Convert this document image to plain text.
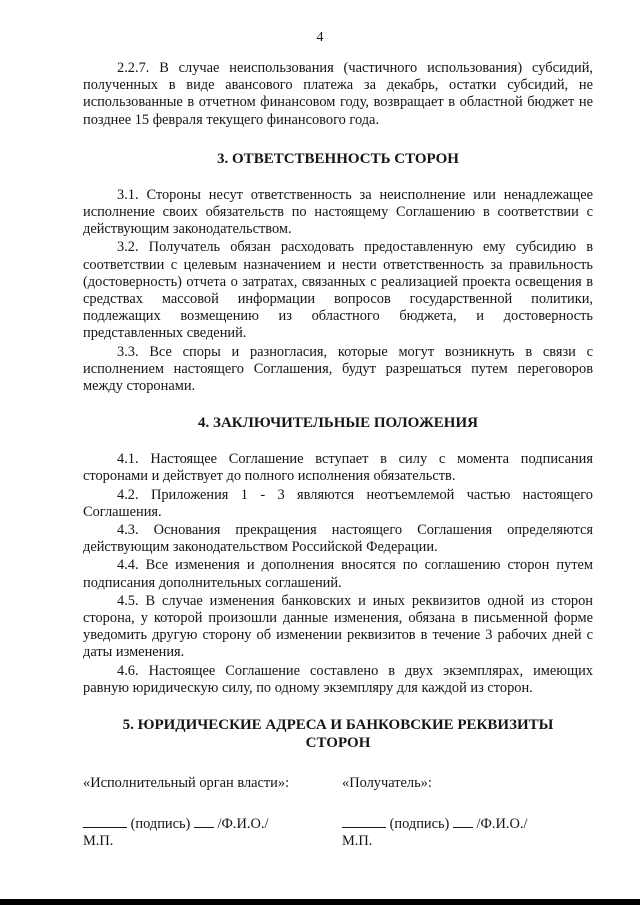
4

2.2.7. В случае неиспользования (частичного использования) субсидий, полученных в виде авансового платежа за декабрь, остатки субсидий, не использованные в отчетном финансовом году, возвращает в областной бюджет не позднее 15 февраля текущего финансового года.

3. ОТВЕТСТВЕННОСТЬ СТОРОН

3.1. Стороны несут ответственность за неисполнение или ненадлежащее исполнение своих обязательств по настоящему Соглашению в соответствии с действующим законодательством.

3.2. Получатель обязан расходовать предоставленную ему субсидию в соответствии с целевым назначением и нести ответственность за правильность (достоверность) отчета о затратах, связанных с реализацией проекта освещения в средствах массовой информации вопросов государственной политики, подлежащих возмещению из областного бюджета, и достоверность представленных сведений.

3.3. Все споры и разногласия, которые могут возникнуть в связи с исполнением настоящего Соглашения, будут разрешаться путем переговоров между сторонами.

4. ЗАКЛЮЧИТЕЛЬНЫЕ ПОЛОЖЕНИЯ

4.1. Настоящее Соглашение вступает в силу с момента подписания сторонами и действует до полного исполнения обязательств.

4.2. Приложения 1 - 3 являются неотъемлемой частью настоящего Соглашения.

4.3. Основания прекращения настоящего Соглашения определяются действующим законодательством Российской Федерации.

4.4. Все изменения и дополнения вносятся по соглашению сторон путем подписания дополнительных соглашений.

4.5. В случае изменения банковских и иных реквизитов одной из сторон сторона, у которой произошли данные изменения, обязана в письменной форме уведомить другую сторону об изменении реквизитов в течение 3 рабочих дней с даты изменения.

4.6. Настоящее Соглашение составлено в двух экземплярах, имеющих равную юридическую силу, по одному экземпляру для каждой из сторон.

5. ЮРИДИЧЕСКИЕ АДРЕСА И БАНКОВСКИЕ РЕКВИЗИТЫ
СТОРОН
«Исполнительный орган власти»:
(подпись)  /Ф.И.О./
М.П.
«Получатель»:
(подпись)  /Ф.И.О./
М.П.
